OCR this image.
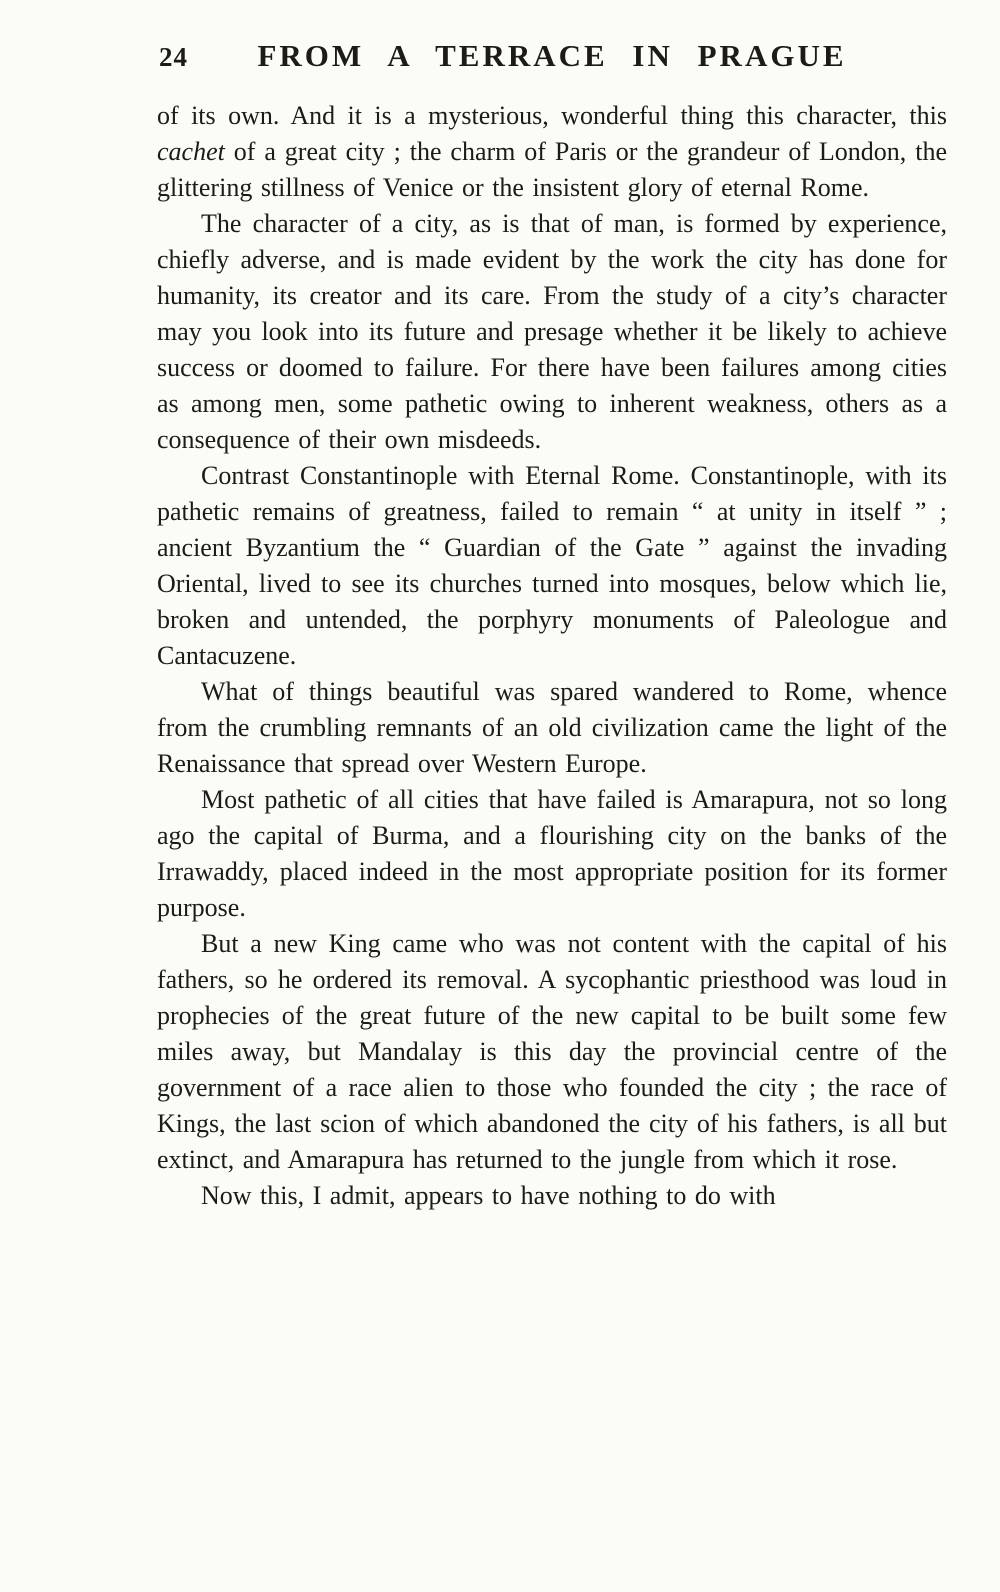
24	FROM A TERRACE IN PRAGUE

of its own. And it is a mysterious, wonderful thing this character, this cachet of a great city ; the charm of Paris or the grandeur of London, the glittering stillness of Venice or the insistent glory of eternal Rome.

The character of a city, as is that of man, is formed by experience, chiefly adverse, and is made evident by the work the city has done for humanity, its creator and its care. From the study of a city’s character may you look into its future and presage whether it be likely to achieve success or doomed to failure. For there have been failures among cities as among men, some pathetic owing to inherent weakness, others as a consequence of their own misdeeds.

Contrast Constantinople with Eternal Rome. Constantinople, with its pathetic remains of greatness, failed to remain “ at unity in itself ” ; ancient Byzantium the “ Guardian of the Gate ” against the invading Oriental, lived to see its churches turned into mosques, below which lie, broken and untended, the porphyry monuments of Paleologue and Cantacuzene.

What of things beautiful was spared wandered to Rome, whence from the crumbling remnants of an old civilization came the light of the Renaissance that spread over Western Europe.

Most pathetic of all cities that have failed is Amarapura, not so long ago the capital of Burma, and a flourishing city on the banks of the Irrawaddy, placed indeed in the most appropriate position for its former purpose.

But a new King came who was not content with the capital of his fathers, so he ordered its removal. A sycophantic priesthood was loud in prophecies of the great future of the new capital to be built some few miles away, but Mandalay is this day the provincial centre of the government of a race alien to those who founded the city ; the race of Kings, the last scion of which abandoned the city of his fathers, is all but extinct, and Amarapura has returned to the jungle from which it rose.

Now this, I admit, appears to have nothing to do with
